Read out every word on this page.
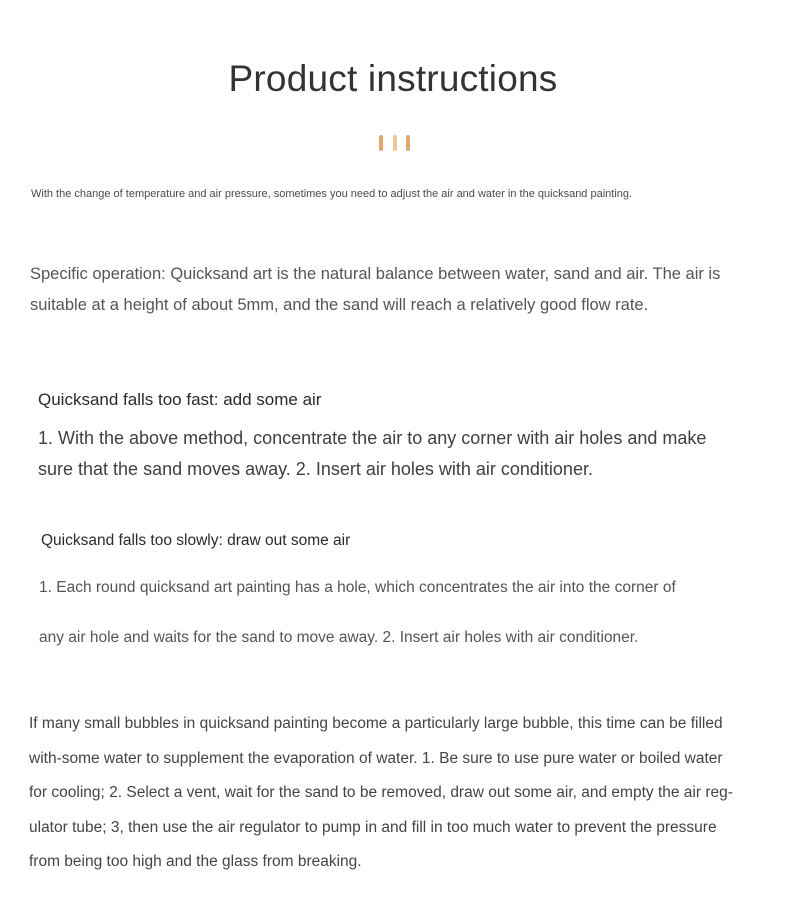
Product instructions
With the change of temperature and air pressure, sometimes you need to adjust the air and water in the quicksand painting.
Specific operation: Quicksand art is the natural balance between water, sand and air. The air is suitable at a height of about 5mm, and the sand will reach a relatively good flow rate.
Quicksand falls too fast: add some air
1. With the above method, concentrate the air to any corner with air holes and make sure that the sand moves away. 2. Insert air holes with air conditioner.
Quicksand falls too slowly: draw out some air
1. Each round quicksand art painting has a hole, which concentrates the air into the corner of
any air hole and waits for the sand to move away. 2. Insert air holes with air conditioner.
If many small bubbles in quicksand painting become a particularly large bubble, this time can be filled
with-some water to supplement the evaporation of water. 1. Be sure to use pure water or boiled water
for cooling; 2. Select a vent, wait for the sand to be removed, draw out some air, and empty the air reg-
ulator tube; 3, then use the air regulator to pump in and fill in too much water to prevent the pressure
from being too high and the glass from breaking.
